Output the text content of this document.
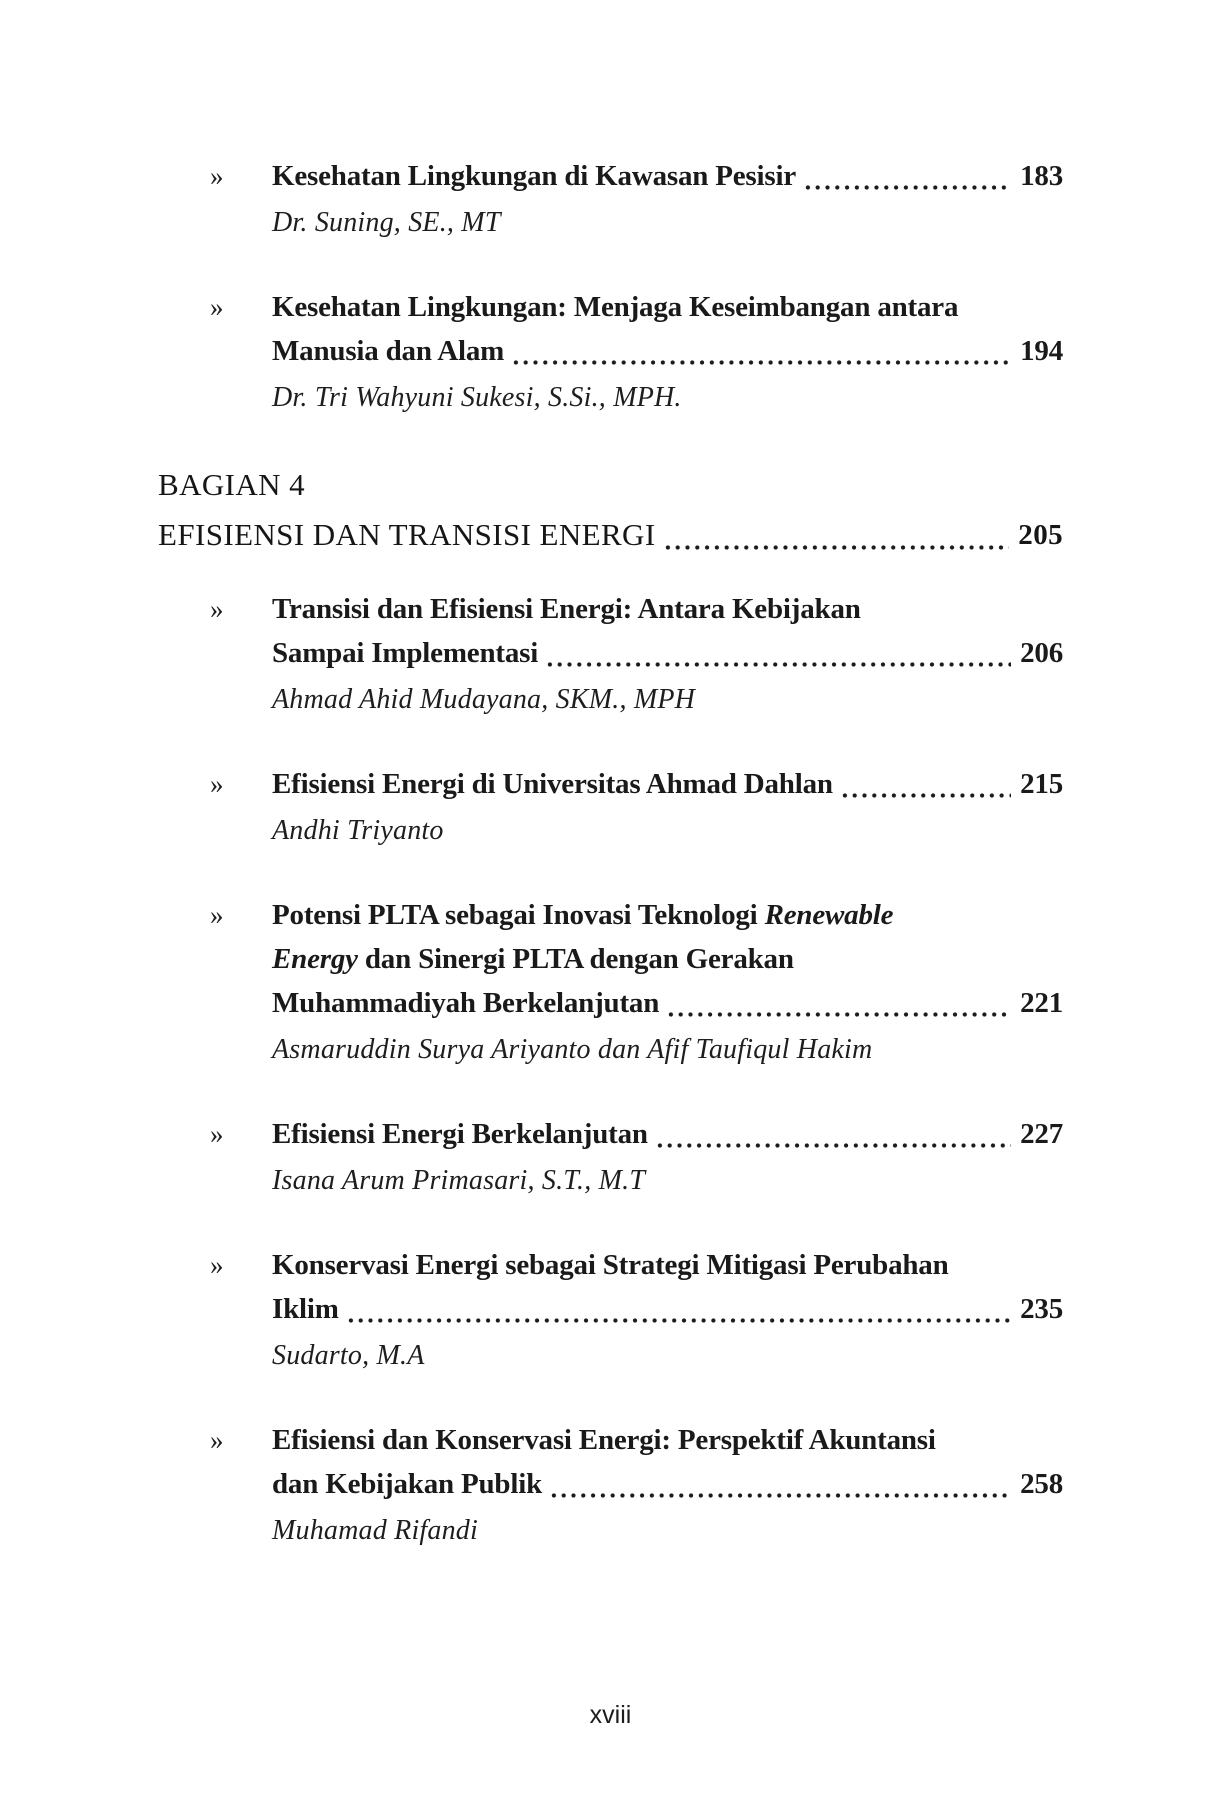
» Kesehatan Lingkungan di Kawasan Pesisir	183
Dr. Suning, SE., MT
» Kesehatan Lingkungan: Menjaga Keseimbangan antara
Manusia dan Alam	194
Dr. Tri Wahyuni Sukesi, S.Si., MPH.
BAGIAN 4
EFISIENSI DAN TRANSISI ENERGI	205
» Transisi dan Efisiensi Energi: Antara Kebijakan
Sampai Implementasi	206
Ahmad Ahid Mudayana, SKM., MPH
» Efisiensi Energi di Universitas Ahmad Dahlan	215
Andhi Triyanto
» Potensi PLTA sebagai Inovasi Teknologi Renewable
Energy dan Sinergi PLTA dengan Gerakan
Muhammadiyah Berkelanjutan	221
Asmaruddin Surya Ariyanto dan Afif Taufiqul Hakim
» Efisiensi Energi Berkelanjutan	227
Isana Arum Primasari, S.T., M.T
» Konservasi Energi sebagai Strategi Mitigasi Perubahan
Iklim	235
Sudarto, M.A
» Efisiensi dan Konservasi Energi: Perspektif Akuntansi
dan Kebijakan Publik	258
Muhamad Rifandi
xviii
